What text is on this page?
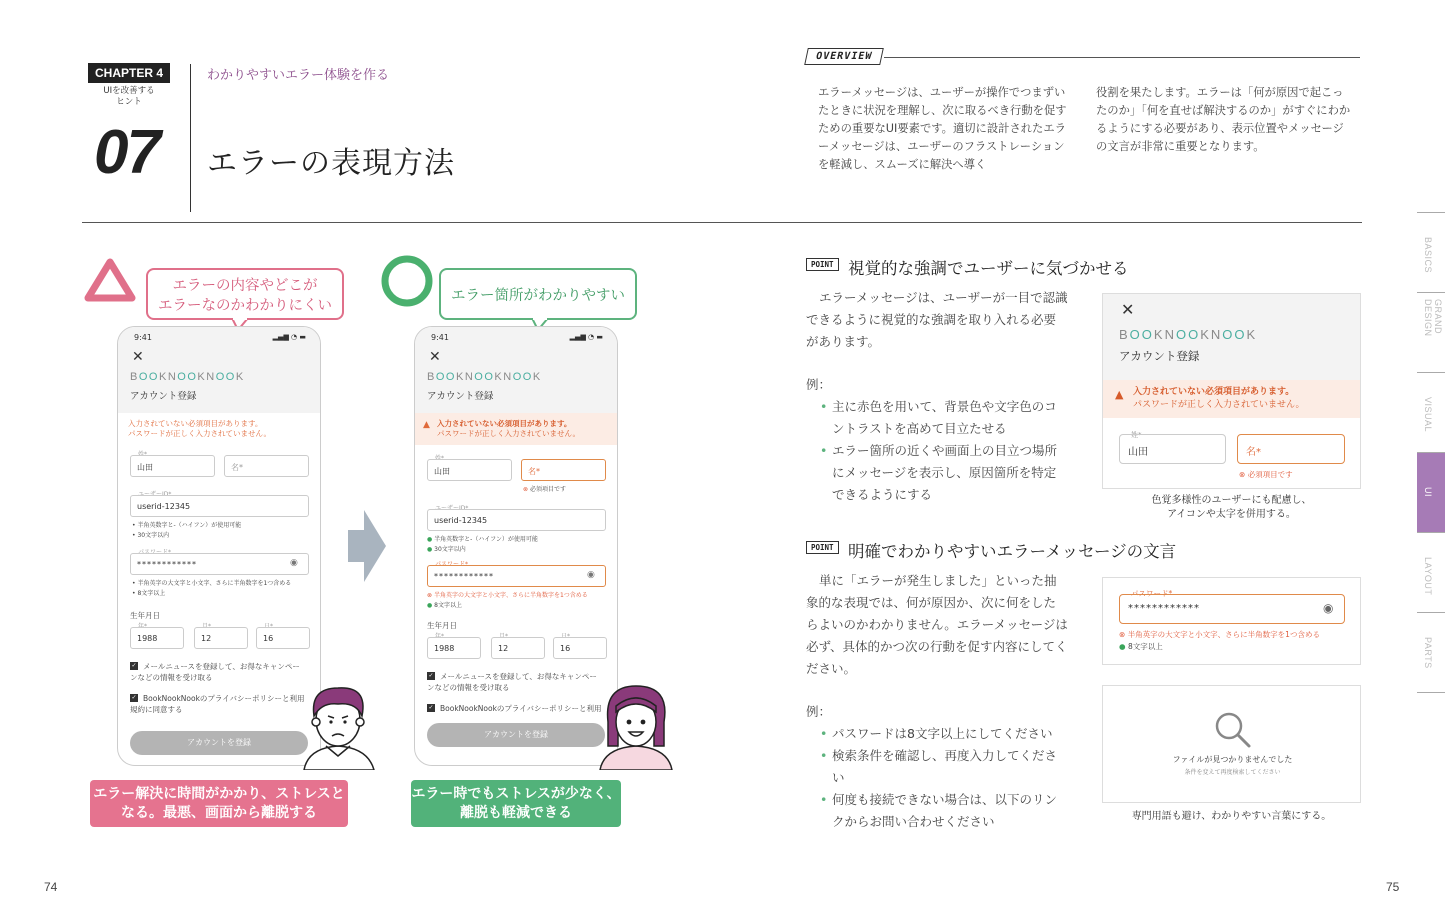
CHAPTER 4
UIを改善する
ヒント
07
わかりやすいエラー体験を作る
エラーの表現方法
OVERVIEW
エラーメッセージは、ユーザーが操作でつまずいたときに状況を理解し、次に取るべき行動を促すための重要なUI要素です。適切に設計されたエラーメッセージは、ユーザーのフラストレーションを軽減し、スムーズに解決へ導く
役割を果たします。エラーは「何が原因で起こったのか」「何を直せば解決するのか」がすぐにわかるようにする必要があり、表示位置やメッセージの文言が非常に重要となります。
BASICS
GRAND DESIGN
VISUAL
UI
LAYOUT
PARTS
エラーの内容やどこが
エラーなのかわかりにくい
エラー箇所がわかりやすい
9:41	▂▄▆ ◔ ▬
✕
BOOKNOOKNOOK
アカウント登録
入力されていない必須項目があります。
パスワードが正しく入力されていません。
山田	名*
userid-12345
• 半角英数字と-（ハイフン）が使用可能
• 30文字以内
************	◉
• 半角英字の大文字と小文字、さらに半角数字を1つ含める
• 8文字以上
生年月日
1988	12	16
✓ メールニュースを登録して、お得なキャンペーンなどの情報を受け取る
✓ BookNookNookのプライバシーポリシーと利用規約に同意する
アカウントを登録
9:41	▂▄▆ ◔ ▬
✕
BOOKNOOKNOOK
アカウント登録
▲ 入力されていない必須項目があります。
パスワードが正しく入力されていません。
山田	名*
⊗ 必須項目です
userid-12345
● 半角英数字と-（ハイフン）が使用可能
● 30文字以内
************	◉
⊗ 半角英字の大文字と小文字、さらに半角数字を1つ含める
● 8文字以上
生年月日
1988	12	16
✓ メールニュースを登録して、お得なキャンペーンなどの情報を受け取る
✓ BookNookNookのプライバシーポリシーと利用
アカウントを登録
エラー解決に時間がかかり、ストレスと
なる。最悪、画面から離脱する
エラー時でもストレスが少なく、
離脱も軽減できる
POINT 視覚的な強調でユーザーに気づかせる
エラーメッセージは、ユーザーが一目で認識できるように視覚的な強調を取り入れる必要があります。
例：
• 主に赤色を用いて、背景色や文字色のコントラストを高めて目立たせる
• エラー箇所の近くや画面上の目立つ場所にメッセージを表示し、原因箇所を特定できるようにする
✕
BOOKNOOKNOOK
アカウント登録
▲ 入力されていない必須項目があります。
パスワードが正しく入力されていません。
姓*
山田	名*
⊗ 必須項目です
色覚多様性のユーザーにも配慮し、
アイコンや太字を併用する。
POINT 明確でわかりやすいエラーメッセージの文言
単に「エラーが発生しました」といった抽象的な表現では、何が原因か、次に何をしたらよいのかわかりません。エラーメッセージは必ず、具体的かつ次の行動を促す内容にしてください。
例：
• パスワードは8文字以上にしてください
• 検索条件を確認し、再度入力してください
• 何度も接続できない場合は、以下のリンクからお問い合わせください
パスワード*
************	◉
⊗ 半角英字の大文字と小文字、さらに半角数字を1つ含める
● 8文字以上
ファイルが見つかりませんでした
条件を変えて再度検索してください
専門用語も避け、わかりやすい言葉にする。
74	75
